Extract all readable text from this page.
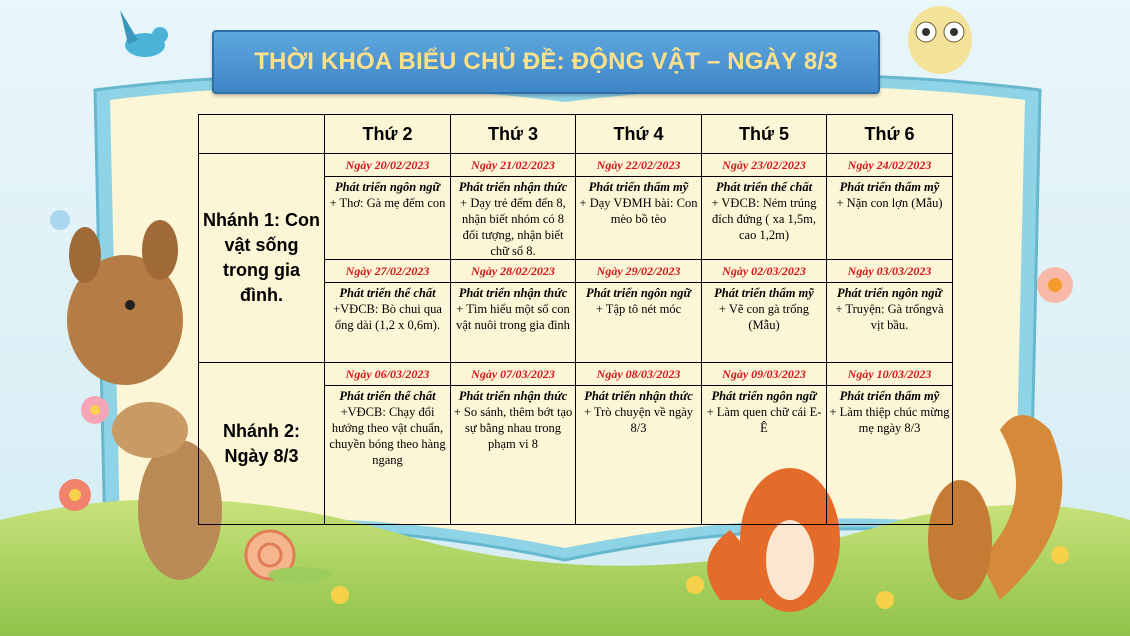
THỜI KHÓA BIỂU CHỦ ĐỀ: ĐỘNG VẬT – NGÀY 8/3
	Thứ 2	Thứ 3	Thứ 4	Thứ 5	Thứ 6
Nhánh 1: Con vật sống trong gia đình.	Ngày 20/02/2023	Ngày 21/02/2023	Ngày 22/02/2023	Ngày 23/02/2023	Ngày 24/02/2023

	Phát triển ngôn ngữ
+ Thơ: Gà mẹ đếm con	Phát triển nhận thức
+ Dạy trẻ đếm đến 8, nhận biết nhóm có 8 đối tượng, nhận biết chữ số 8.	Phát triển thẩm mỹ
+ Dạy VĐMH bài: Con mèo bồ tèo	Phát triển thể chất
+ VĐCB: Ném trúng đích đứng ( xa 1,5m, cao 1,2m)	Phát triển thẩm mỹ
+ Nặn con lợn (Mẫu)

	Ngày 27/02/2023	Ngày 28/02/2023	Ngày 29/02/2023	Ngày 02/03/2023	Ngày 03/03/2023

	Phát triển thể chất
+VĐCB: Bò chui qua ống dài (1,2 x 0,6m).	Phát triển nhận thức
+ Tìm hiểu một số con vật nuôi trong gia đình	Phát triển ngôn ngữ
+ Tập tô nét móc	Phát triển thẩm mỹ
+ Vẽ con gà trống (Mẫu)	Phát triển ngôn ngữ
+ Truyện: Gà trốngvà vịt bầu.

Nhánh 2: Ngày 8/3	Ngày 06/03/2023	Ngày 07/03/2023	Ngày 08/03/2023	Ngày 09/03/2023	Ngày 10/03/2023

	Phát triển thể chất
+VĐCB: Chạy đổi hướng theo vật chuẩn, chuyền bóng theo hàng ngang	Phát triển nhận thức
+ So sánh, thêm bớt tạo sự bằng nhau trong phạm vi 8	Phát triển nhận thức
+ Trò chuyện về ngày 8/3	Phát triển ngôn ngữ
+ Làm quen chữ cái E-Ê	Phát triển thẩm mỹ
+ Làm thiệp chúc mừng mẹ ngày 8/3
